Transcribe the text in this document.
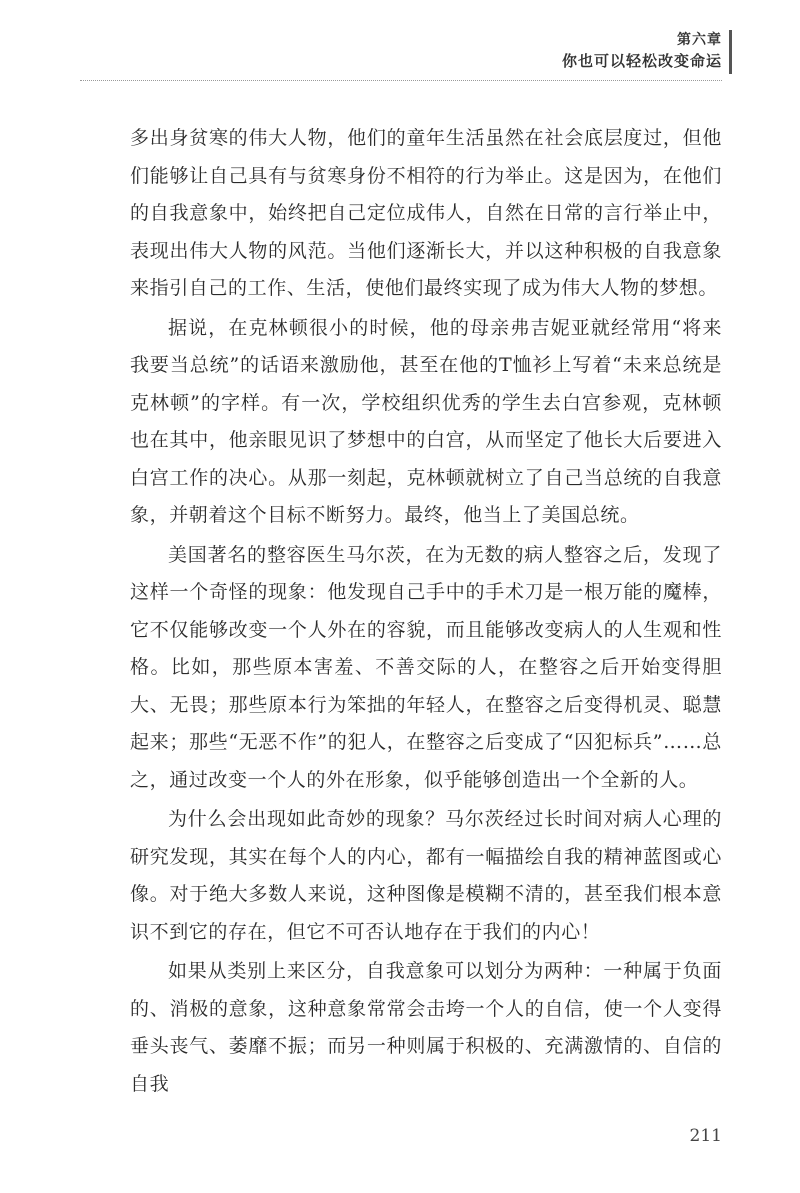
第六章
你也可以轻松改变命运

多出身贫寒的伟大人物，他们的童年生活虽然在社会底层度过，但他们能够让自己具有与贫寒身份不相符的行为举止。这是因为，在他们的自我意象中，始终把自己定位成伟人，自然在日常的言行举止中，表现出伟大人物的风范。当他们逐渐长大，并以这种积极的自我意象来指引自己的工作、生活，使他们最终实现了成为伟大人物的梦想。

据说，在克林顿很小的时候，他的母亲弗吉妮亚就经常用“将来我要当总统”的话语来激励他，甚至在他的T恤衫上写着“未来总统是克林顿”的字样。有一次，学校组织优秀的学生去白宫参观，克林顿也在其中，他亲眼见识了梦想中的白宫，从而坚定了他长大后要进入白宫工作的决心。从那一刻起，克林顿就树立了自己当总统的自我意象，并朝着这个目标不断努力。最终，他当上了美国总统。

美国著名的整容医生马尔茨，在为无数的病人整容之后，发现了这样一个奇怪的现象：他发现自己手中的手术刀是一根万能的魔棒，它不仅能够改变一个人外在的容貌，而且能够改变病人的人生观和性格。比如，那些原本害羞、不善交际的人，在整容之后开始变得胆大、无畏；那些原本行为笨拙的年轻人，在整容之后变得机灵、聪慧起来；那些“无恶不作”的犯人，在整容之后变成了“囚犯标兵”……总之，通过改变一个人的外在形象，似乎能够创造出一个全新的人。

为什么会出现如此奇妙的现象？马尔茨经过长时间对病人心理的研究发现，其实在每个人的内心，都有一幅描绘自我的精神蓝图或心像。对于绝大多数人来说，这种图像是模糊不清的，甚至我们根本意识不到它的存在，但它不可否认地存在于我们的内心！

如果从类别上来区分，自我意象可以划分为两种：一种属于负面的、消极的意象，这种意象常常会击垮一个人的自信，使一个人变得垂头丧气、萎靡不振；而另一种则属于积极的、充满激情的、自信的自我

211
